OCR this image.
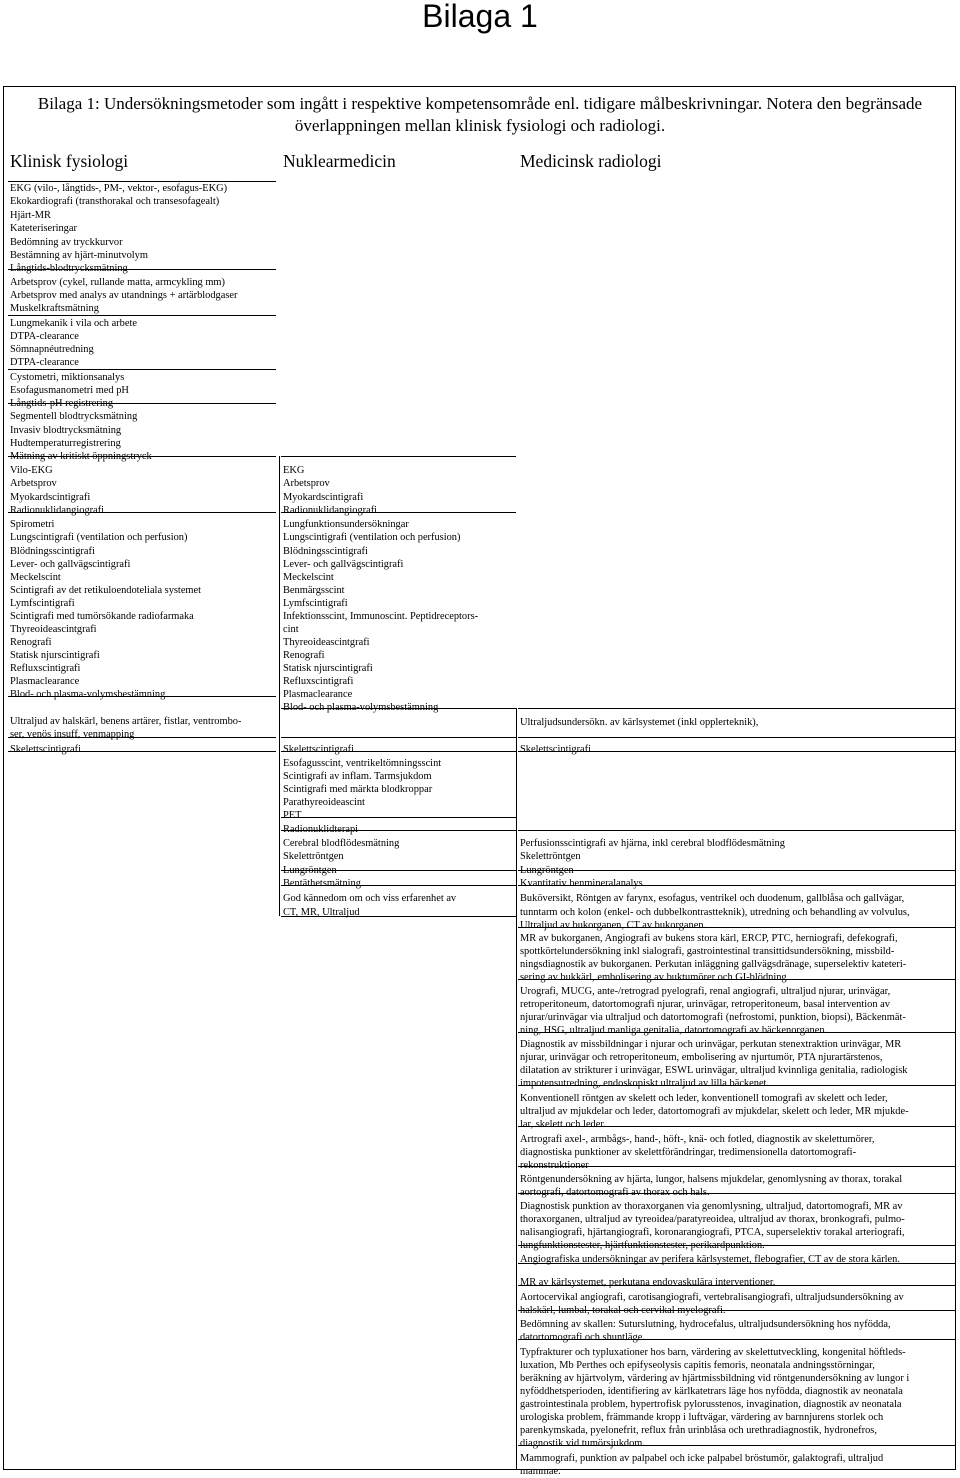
Bilaga 1
Bilaga 1: Undersökningsmetoder som ingått i respektive kompetensområde enl. tidigare målbeskrivningar. Notera den begränsade överlappningen mellan klinisk fysiologi och radiologi.
Klinisk fysiologi	Nuklearmedicin	Medicinsk radiologi
EKG (vilo-, långtids-, PM-, vektor-, esofagus-EKG)
Ekokardiografi (transthorakal och transesofagealt)
Hjärt-MR
Kateteriseringar
Bedömning av tryckkurvor
Bestämning av hjärt-minutvolym
Långtids-blodtrycksmätning
Arbetsprov (cykel, rullande matta, armcykling mm)
Arbetsprov med analys av utandnings + artärblodgaser
Muskelkraftsmätning
Lungmekanik i vila och arbete
DTPA-clearance
Sömnapnéutredning
DTPA-clearance
Cystometri, miktionsanalys
Esofagusmanometri med pH
Långtids-pH registrering
Segmentell blodtrycksmätning
Invasiv blodtrycksmätning
Hudtemperaturregistrering
Mätning av kritiskt öppningstryck
Vilo-EKG
Arbetsprov
Myokardscintigrafi
Radionuklidangiografi
Spirometri
Lungscintigrafi (ventilation och perfusion)
Blödningsscintigrafi
Lever- och gallvägscintigrafi
Meckelscint
Scintigrafi av det retikuloendoteliala systemet
Lymfscintigrafi
Scintigrafi med tumörsökande radiofarmaka
Thyreoideascintgrafi
Renografi
Statisk njurscintigrafi
Refluxscintigrafi
Plasmaclearance
Blod- och plasma-volymsbestämning
Ultraljud av halskärl, benens artärer, fistlar, ventrombo-
ser, venös insuff, venmapping
Skelettscintigrafi
EKG
Arbetsprov
Myokardscintigrafi
Radionuklidangiografi
Lungfunktionsundersökningar
Lungscintigrafi (ventilation och perfusion)
Blödningsscintigrafi
Lever- och gallvägscintigrafi
Meckelscint
Benmärgsscint
Lymfscintigrafi
Infektionsscint, Immunoscint. Peptidreceptors-
cint
Thyreoideascintgrafi
Renografi
Statisk njurscintigrafi
Refluxscintigrafi
Plasmaclearance
Blod- och plasma-volymsbestämning
Skelettscintigrafi
Esofagusscint, ventrikeltömningsscint
Scintigrafi av inflam. Tarmsjukdom
Scintigrafi med märkta blodkroppar
Parathyreoideascint
PET
Radionuklidterapi
Cerebral blodflödesmätning
Skelettröntgen
Lungröntgen
Bentäthetsmätning
God kännedom om och viss erfarenhet av
CT, MR, Ultraljud
Ultraljudsundersökn. av kärlsystemet (inkl opplerteknik),
Skelettscintigrafi
Perfusionsscintigrafi av hjärna, inkl cerebral blodflödesmätning
Skelettröntgen
Lungröntgen
Kvantitativ benmineralanalys
Buköversikt, Röntgen av farynx, esofagus, ventrikel och duodenum, gallblåsa och gallvägar,
tunntarm och kolon (enkel- och dubbelkontrastteknik), utredning och behandling av volvulus,
Ultraljud av bukorganen, CT av bukorganen.
MR av bukorganen, Angiografi av bukens stora kärl, ERCP, PTC, herniografi, defekografi,
spottkörtelundersökning inkl sialografi, gastrointestinal transittidsundersökning, missbild-
ningsdiagnostik av bukorganen. Perkutan inläggning gallvägsdränage, superselektiv kateteri-
sering av bukkärl, embolisering av buktumörer och GI-blödning
Urografi, MUCG, ante-/retrograd pyelografi, renal angiografi, ultraljud njurar, urinvägar,
retroperitoneum, datortomografi njurar, urinvägar, retroperitoneum, basal intervention av
njurar/urinvägar via ultraljud och datortomografi (nefrostomi, punktion, biopsi), Bäckenmät-
ning, HSG, ultraljud manliga genitalia, datortomografi av bäckenorganen.
Diagnostik av missbildningar i njurar och urinvägar, perkutan stenextraktion urinvägar, MR
njurar, urinvägar och retroperitoneum, embolisering av njurtumör, PTA njurartärstenos,
dilatation av strikturer i urinvägar, ESWL urinvägar, ultraljud kvinnliga genitalia, radiologisk
impotensutredning, endoskopiskt ultraljud av lilla bäckenet.
Konventionell röntgen av skelett och leder, konventionell tomografi av skelett och leder,
ultraljud av mjukdelar och leder, datortomografi av mjukdelar, skelett och leder, MR mjukde-
lar, skelett och leder.
Artrografi axel-, armbågs-, hand-, höft-, knä- och fotled, diagnostik av skelettumörer,
diagnostiska punktioner av skelettförändringar, tredimensionella datortomografi-
rekonstruktioner
Röntgenundersökning av hjärta, lungor, halsens mjukdelar, genomlysning av thorax, torakal
aortografi, datortomografi av thorax och hals.
Diagnostisk punktion av thoraxorganen via genomlysning, ultraljud, datortomografi, MR av
thoraxorganen, ultraljud av tyreoidea/paratyreoidea, ultraljud av thorax, bronkografi, pulmo-
nalisangiografi, hjärtangiografi, koronarangiografi, PTCA, superselektiv torakal arteriografi,
lungfunktionstester, hjärtfunktionstester, perikardpunktion.
Angiografiska undersökningar av perifera kärlsystemet, flebografier, CT av de stora kärlen.
MR av kärlsystemet, perkutana endovaskulära interventioner.
Aortocervikal angiografi, carotisangiografi, vertebralisangiografi, ultraljudsundersökning av
halskärl, lumbal, torakal och cervikal myelografi.
Bedömning av skallen: Suturslutning, hydrocefalus, ultraljudsundersökning hos nyfödda,
datortomografi och shuntläge.
Typfrakturer och typluxationer hos barn, värdering av skelettutveckling, kongenital höftleds-
luxation, Mb Perthes och epifyseolysis capitis femoris, neonatala andningsstörningar,
beräkning av hjärtvolym, värdering av hjärtmissbildning vid röntgenundersökning av lungor i
nyföddhetsperioden, identifiering av kärlkatetrars läge hos nyfödda, diagnostik av neonatala
gastrointestinala problem, hypertrofisk pylorusstenos, invagination, diagnostik av neonatala
urologiska problem, främmande kropp i luftvägar, värdering av barnnjurens storlek och
parenkymskada, pyelonefrit, reflux från urinblåsa och urethradiagnostik, hydronefros,
diagnostik vid tumörsjukdom.
Mammografi, punktion av palpabel och icke palpabel bröstumör, galaktografi, ultraljud
mammae.
